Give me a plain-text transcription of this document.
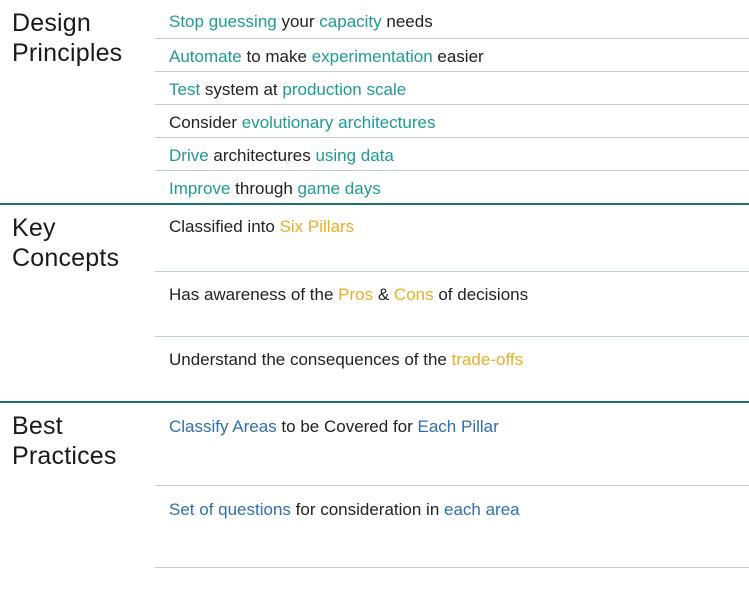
Design Principles
Stop guessing your capacity needs
Automate to make experimentation easier
Test system at production scale
Consider evolutionary architectures
Drive architectures using data
Improve through game days
Key Concepts
Classified into Six Pillars
Has awareness of the Pros & Cons of decisions
Understand the consequences of the trade-offs
Best Practices
Classify Areas to be Covered for Each Pillar
Set of questions for consideration in each area
